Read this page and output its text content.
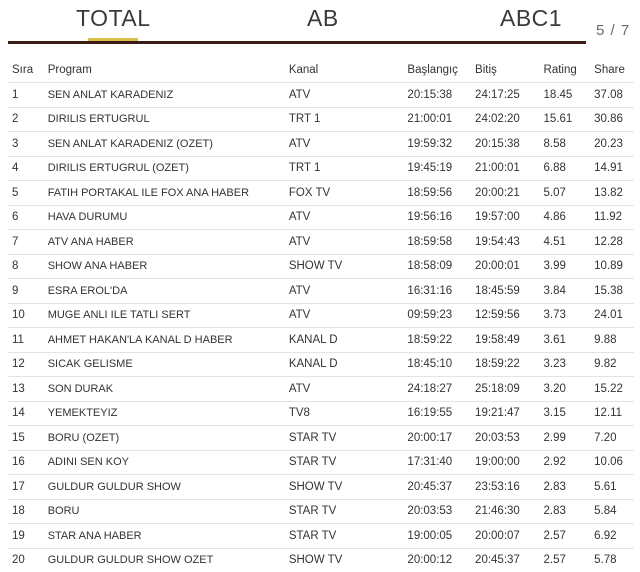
TOTAL	AB	ABC1 5 / 7
Sıra	Program	Kanal	Başlangıç	Bitiş	Rating	Share
1	SEN ANLAT KARADENIZ	ATV	20:15:38	24:17:25	18.45	37.08
2	DIRILIS ERTUGRUL	TRT 1	21:00:01	24:02:20	15.61	30.86
3	SEN ANLAT KARADENIZ (OZET)	ATV	19:59:32	20:15:38	8.58	20.23
4	DIRILIS ERTUGRUL (OZET)	TRT 1	19:45:19	21:00:01	6.88	14.91
5	FATIH PORTAKAL ILE FOX ANA HABER	FOX TV	18:59:56	20:00:21	5.07	13.82
6	HAVA DURUMU	ATV	19:56:16	19:57:00	4.86	11.92
7	ATV ANA HABER	ATV	18:59:58	19:54:43	4.51	12.28
8	SHOW ANA HABER	SHOW TV	18:58:09	20:00:01	3.99	10.89
9	ESRA EROL'DA	ATV	16:31:16	18:45:59	3.84	15.38
10	MUGE ANLI ILE TATLI SERT	ATV	09:59:23	12:59:56	3.73	24.01
11	AHMET HAKAN'LA KANAL D HABER	KANAL D	18:59:22	19:58:49	3.61	9.88
12	SICAK GELISME	KANAL D	18:45:10	18:59:22	3.23	9.82
13	SON DURAK	ATV	24:18:27	25:18:09	3.20	15.22
14	YEMEKTEYIZ	TV8	16:19:55	19:21:47	3.15	12.11
15	BORU (OZET)	STAR TV	20:00:17	20:03:53	2.99	7.20
16	ADINI SEN KOY	STAR TV	17:31:40	19:00:00	2.92	10.06
17	GULDUR GULDUR SHOW	SHOW TV	20:45:37	23:53:16	2.83	5.61
18	BORU	STAR TV	20:03:53	21:46:30	2.83	5.84
19	STAR ANA HABER	STAR TV	19:00:05	20:00:07	2.57	6.92
20	GULDUR GULDUR SHOW OZET	SHOW TV	20:00:12	20:45:37	2.57	5.78
